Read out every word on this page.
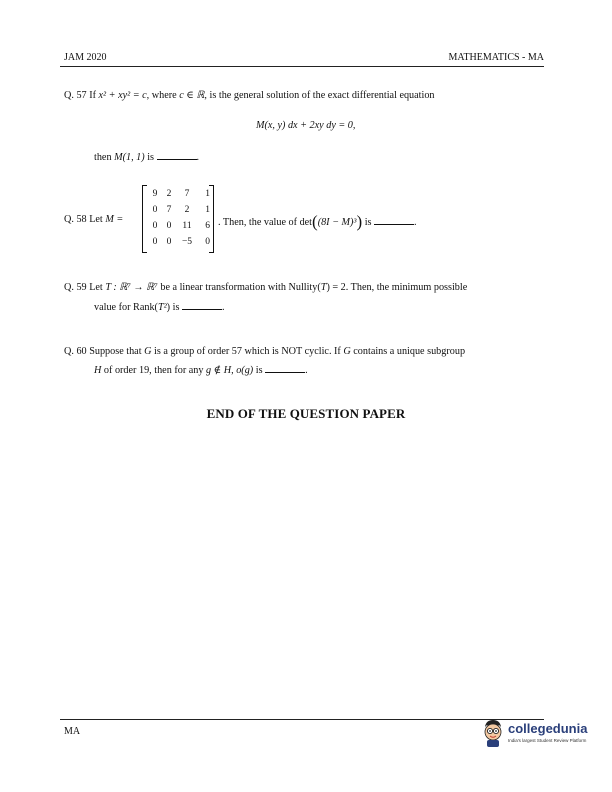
JAM 2020	MATHEMATICS - MA
Q. 57 If x² + xy² = c, where c ∈ ℝ, is the general solution of the exact differential equation
M(x, y) dx + 2xy dy = 0,
then M(1, 1) is	.
Q. 58 Let M =
9 2	7	1
0 7	2	1
0 0	11	6
0 0	−5	0
. Then, the value of det((8I − M)³) is	.
Q. 59 Let T : ℝ⁷ → ℝ⁷ be a linear transformation with Nullity(T) = 2. Then, the minimum possible
value for Rank(T²) is	.
Q. 60 Suppose that G is a group of order 57 which is NOT cyclic. If G contains a unique subgroup
H of order 19, then for any g ∉ H, o(g) is	.
END OF THE QUESTION PAPER
MA	collegedunia
India's largest Student Review Platform
